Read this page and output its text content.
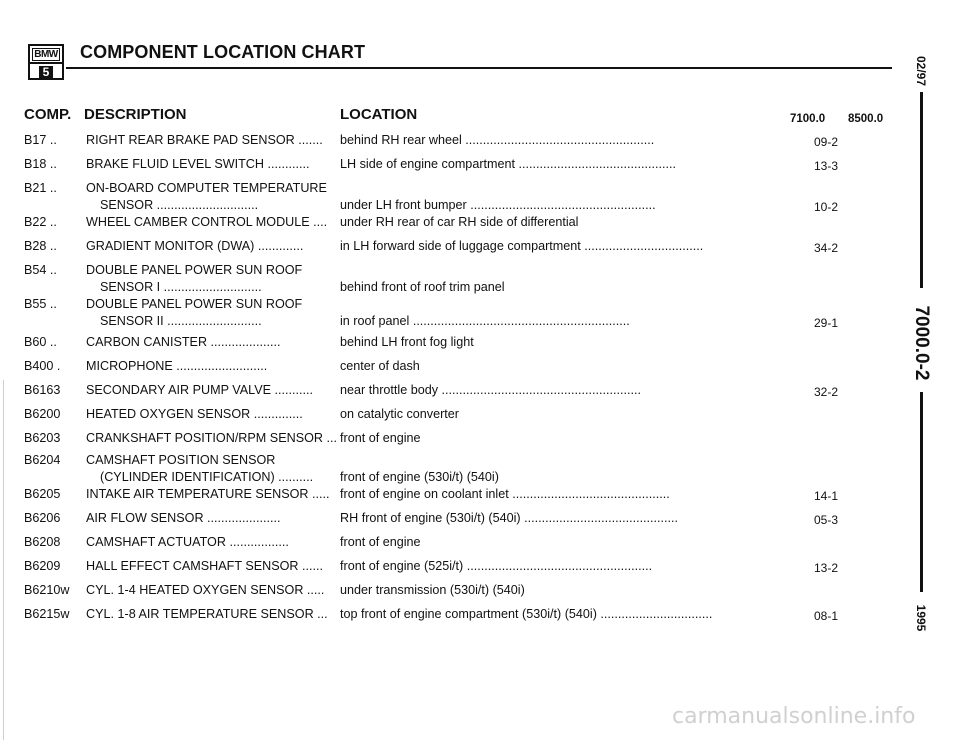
BMW
5
COMPONENT LOCATION CHART
COMP. DESCRIPTION	LOCATION	7100.0 8500.0
B17 .. RIGHT REAR BRAKE PAD SENSOR ....... behind RH rear wheel ......................................................	09-2
B18 .. BRAKE FLUID LEVEL SWITCH ............	LH side of engine compartment .............................................	13-3
B21 .. ON-BOARD COMPUTER TEMPERATURE
SENSOR .............................	under LH front bumper .....................................................	10-2
B22 .. WHEEL CAMBER CONTROL MODULE .... under RH rear of car RH side of differential
B28 .. GRADIENT MONITOR (DWA) .............	in LH forward side of luggage compartment ..................................	34-2
B54 .. DOUBLE PANEL POWER SUN ROOF
SENSOR I ............................	behind front of roof trim panel
B55 .. DOUBLE PANEL POWER SUN ROOF
SENSOR II ...........................	in roof panel ..............................................................	29-1
B60 .. CARBON CANISTER ....................	behind LH front fog light
B400 . MICROPHONE ..........................	center of dash
B6163 SECONDARY AIR PUMP VALVE ...........	near throttle body .........................................................	32-2
B6200 HEATED OXYGEN SENSOR ..............	on catalytic converter
B6203 CRANKSHAFT POSITION/RPM SENSOR ... front of engine
B6204 CAMSHAFT POSITION SENSOR
(CYLINDER IDENTIFICATION) ..........	front of engine (530i/t) (540i)
B6205 INTAKE AIR TEMPERATURE SENSOR ..... front of engine on coolant inlet .............................................	14-1
B6206 AIR FLOW SENSOR .....................	RH front of engine (530i/t) (540i) ............................................	05-3
B6208 CAMSHAFT ACTUATOR .................	front of engine
B6209 HALL EFFECT CAMSHAFT SENSOR ...... front of engine (525i/t) .....................................................	13-2
B6210w CYL. 1-4 HEATED OXYGEN SENSOR ..... under transmission (530i/t) (540i)
B6215w CYL. 1-8 AIR TEMPERATURE SENSOR ... top front of engine compartment (530i/t) (540i) ................................	08-1
02/97
7000.0-2
1995
carmanualsonline.info
